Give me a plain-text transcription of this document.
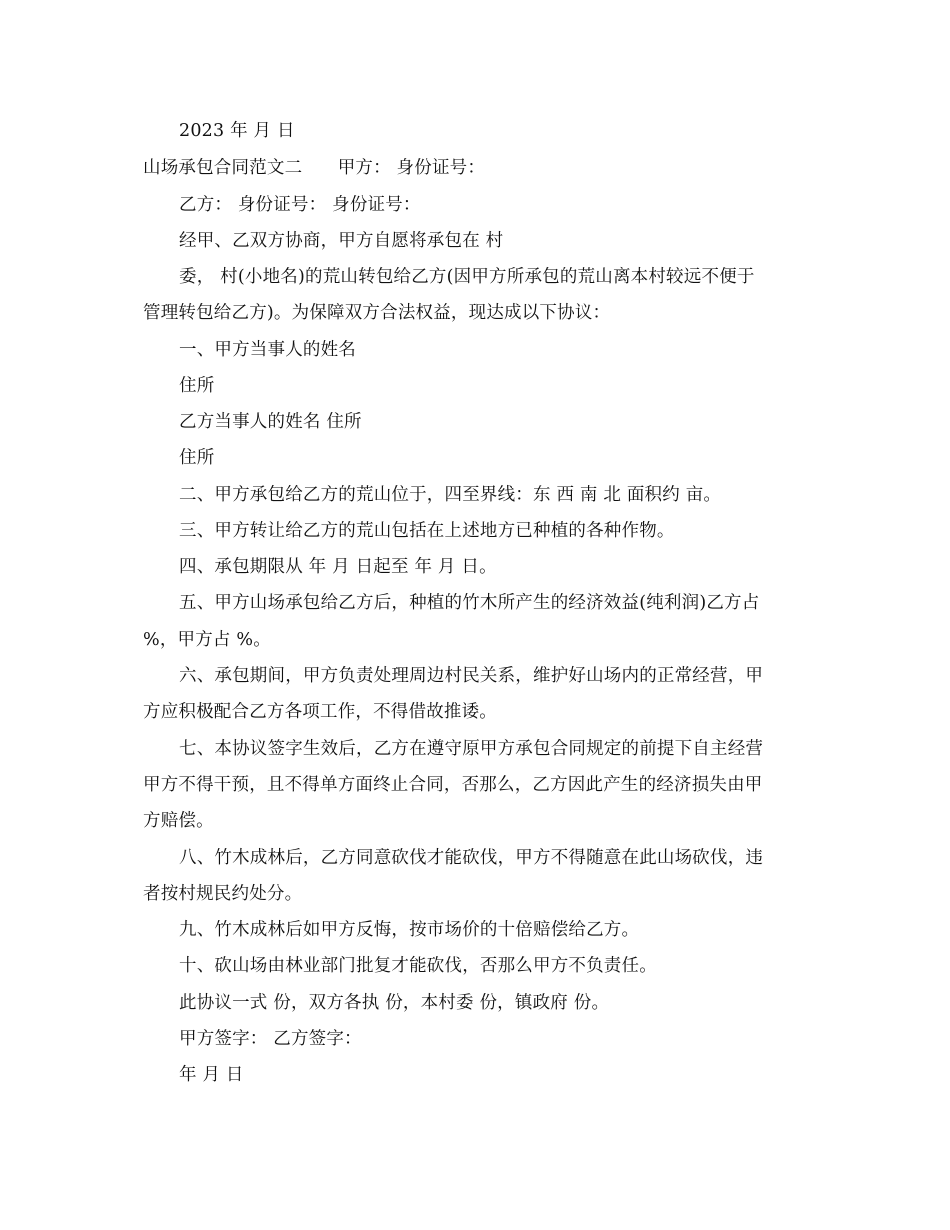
2023 年 月 日
山场承包合同范文二　　甲方： 身份证号：
乙方： 身份证号： 身份证号：
经甲、乙双方协商，甲方自愿将承包在 村
委， 村(小地名)的荒山转包给乙方(因甲方所承包的荒山离本村较远不便于
管理转包给乙方)。为保障双方合法权益，现达成以下协议：
一、甲方当事人的姓名
住所
乙方当事人的姓名 住所
住所
二、甲方承包给乙方的荒山位于，四至界线：东 西 南 北 面积约 亩。
三、甲方转让给乙方的荒山包括在上述地方已种植的各种作物。
四、承包期限从 年 月 日起至 年 月 日。
五、甲方山场承包给乙方后，种植的竹木所产生的经济效益(纯利润)乙方占
%，甲方占 %。
六、承包期间，甲方负责处理周边村民关系，维护好山场内的正常经营，甲
方应积极配合乙方各项工作，不得借故推诿。
七、本协议签字生效后，乙方在遵守原甲方承包合同规定的前提下自主经营
甲方不得干预，且不得单方面终止合同，否那么，乙方因此产生的经济损失由甲
方赔偿。
八、竹木成林后，乙方同意砍伐才能砍伐，甲方不得随意在此山场砍伐，违
者按村规民约处分。
九、竹木成林后如甲方反悔，按市场价的十倍赔偿给乙方。
十、砍山场由林业部门批复才能砍伐，否那么甲方不负责任。
此协议一式 份，双方各执 份，本村委 份，镇政府 份。
甲方签字： 乙方签字：
年 月 日
